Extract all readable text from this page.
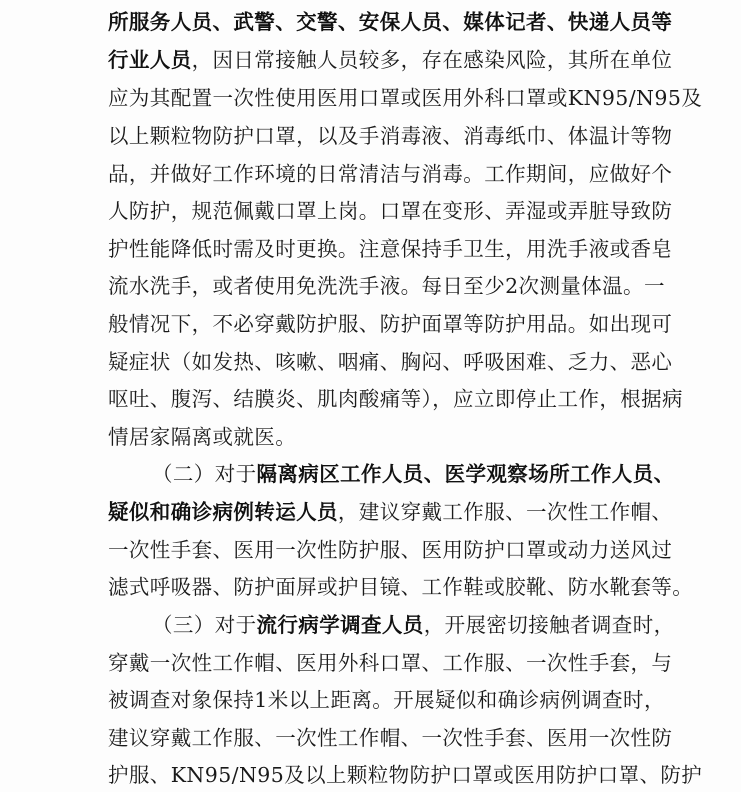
所服务人员、武警、交警、安保人员、媒体记者、快递人员等
行业人员，因日常接触人员较多，存在感染风险，其所在单位
应为其配置一次性使用医用口罩或医用外科口罩或KN95/N95及
以上颗粒物防护口罩，以及手消毒液、消毒纸巾、体温计等物
品，并做好工作环境的日常清洁与消毒。工作期间，应做好个
人防护，规范佩戴口罩上岗。口罩在变形、弄湿或弄脏导致防
护性能降低时需及时更换。注意保持手卫生，用洗手液或香皂
流水洗手，或者使用免洗洗手液。每日至少2次测量体温。一
般情况下，不必穿戴防护服、防护面罩等防护用品。如出现可
疑症状（如发热、咳嗽、咽痛、胸闷、呼吸困难、乏力、恶心
呕吐、腹泻、结膜炎、肌肉酸痛等），应立即停止工作，根据病
情居家隔离或就医。
（二）对于隔离病区工作人员、医学观察场所工作人员、
疑似和确诊病例转运人员，建议穿戴工作服、一次性工作帽、
一次性手套、医用一次性防护服、医用防护口罩或动力送风过
滤式呼吸器、防护面屏或护目镜、工作鞋或胶靴、防水靴套等。
（三）对于流行病学调查人员，开展密切接触者调查时，
穿戴一次性工作帽、医用外科口罩、工作服、一次性手套，与
被调查对象保持1米以上距离。开展疑似和确诊病例调查时，
建议穿戴工作服、一次性工作帽、一次性手套、医用一次性防
护服、KN95/N95及以上颗粒物防护口罩或医用防护口罩、防护
